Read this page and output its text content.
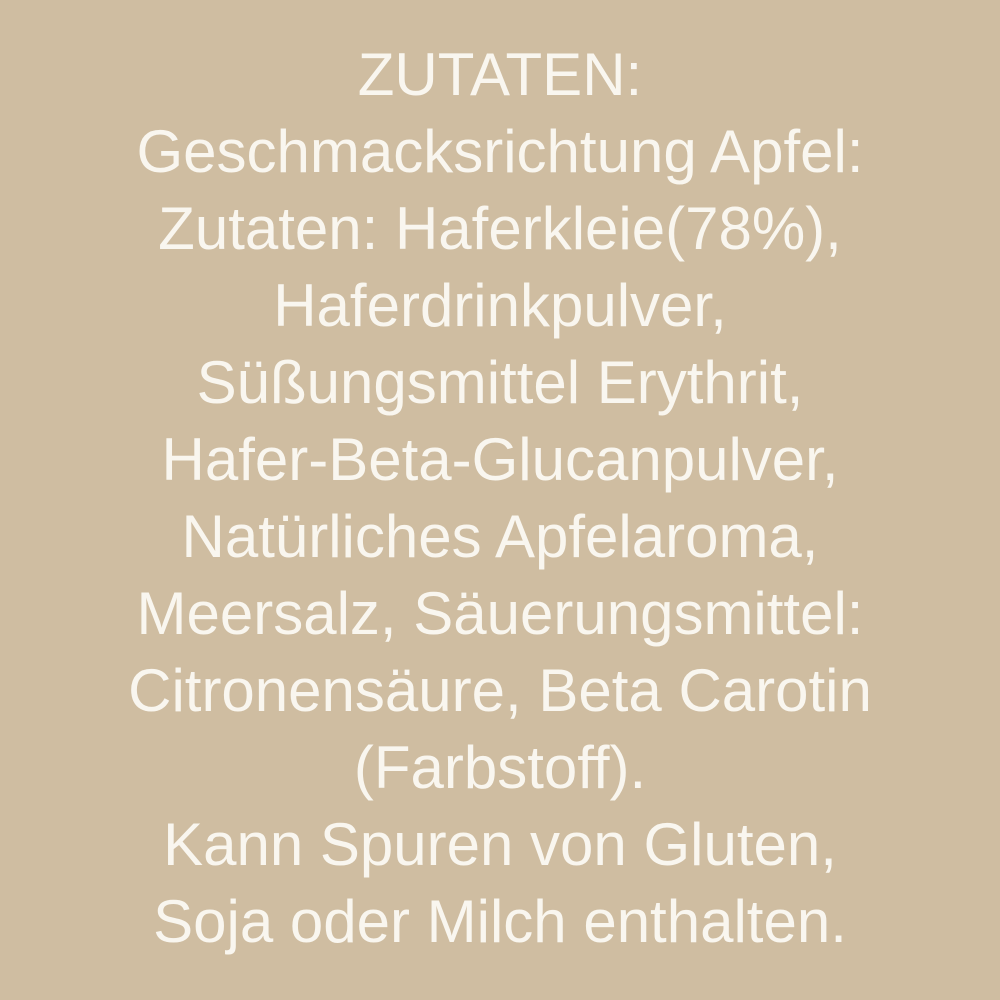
ZUTATEN:
Geschmacksrichtung Apfel:
Zutaten: Haferkleie(78%),
Haferdrinkpulver,
Süßungsmittel Erythrit,
Hafer-Beta-Glucanpulver,
Natürliches Apfelaroma,
Meersalz, Säuerungsmittel:
Citronensäure, Beta Carotin
(Farbstoff).
Kann Spuren von Gluten,
Soja oder Milch enthalten.
